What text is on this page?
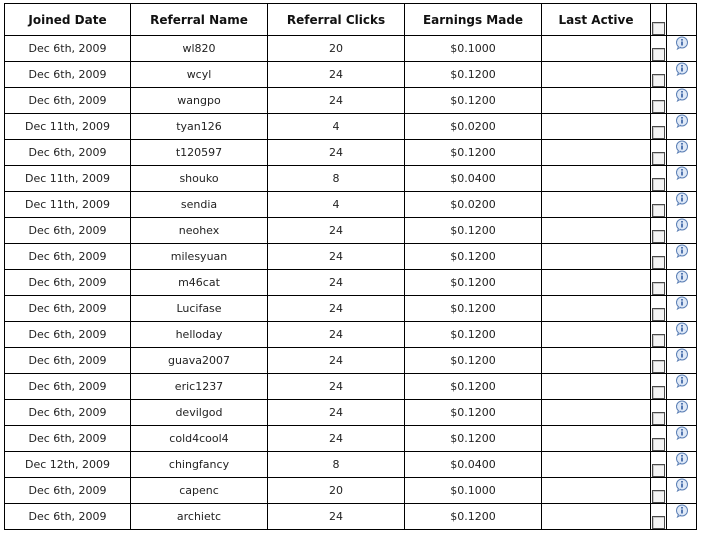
Joined Date	Referral Name	Referral Clicks	Earnings Made	Last Active		
Dec 6th, 2009	wl820	20	$0.1000			
Dec 6th, 2009	wcyl	24	$0.1200			
Dec 6th, 2009	wangpo	24	$0.1200			
Dec 11th, 2009	tyan126	4	$0.0200			
Dec 6th, 2009	t120597	24	$0.1200			
Dec 11th, 2009	shouko	8	$0.0400			
Dec 11th, 2009	sendia	4	$0.0200			
Dec 6th, 2009	neohex	24	$0.1200			
Dec 6th, 2009	milesyuan	24	$0.1200			
Dec 6th, 2009	m46cat	24	$0.1200			
Dec 6th, 2009	Lucifase	24	$0.1200			
Dec 6th, 2009	helloday	24	$0.1200			
Dec 6th, 2009	guava2007	24	$0.1200			
Dec 6th, 2009	eric1237	24	$0.1200			
Dec 6th, 2009	devilgod	24	$0.1200			
Dec 6th, 2009	cold4cool4	24	$0.1200			
Dec 12th, 2009	chingfancy	8	$0.0400			
Dec 6th, 2009	capenc	20	$0.1000			
Dec 6th, 2009	archietc	24	$0.1200			
